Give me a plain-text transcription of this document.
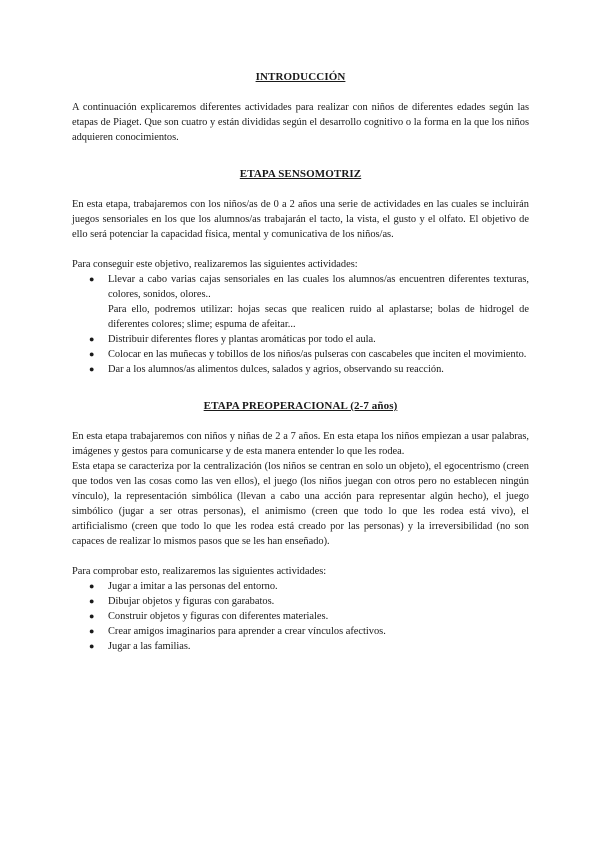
INTRODUCCIÓN

A continuación explicaremos diferentes actividades para realizar con niños de diferentes edades según las etapas de Piaget. Que son cuatro y están divididas según el desarrollo cognitivo o la forma en la que los niños adquieren conocimientos.

ETAPA SENSOMOTRIZ

En esta etapa, trabajaremos con los niños/as de 0 a 2 años una serie de actividades en las cuales se incluirán juegos sensoriales en los que los alumnos/as trabajarán el tacto, la vista, el gusto y el olfato. El objetivo de ello será potenciar la capacidad física, mental y comunicativa de los niños/as.

Para conseguir este objetivo, realizaremos las siguientes actividades:

● Llevar a cabo varias cajas sensoriales en las cuales los alumnos/as encuentren diferentes texturas, colores, sonidos, olores..
Para ello, podremos utilizar: hojas secas que realicen ruido al aplastarse; bolas de hidrogel de diferentes colores; slime; espuma de afeitar...
● Distribuir diferentes flores y plantas aromáticas por todo el aula.
● Colocar en las muñecas y tobillos de los niños/as pulseras con cascabeles que inciten el movimiento.
● Dar a los alumnos/as alimentos dulces, salados y agrios, observando su reacción.
ETAPA PREOPERACIONAL (2-7 años)

En esta etapa trabajaremos con niños y niñas de 2 a 7 años. En esta etapa los niños empiezan a usar palabras, imágenes y gestos para comunicarse y de esta manera entender lo que les rodea.

Esta etapa se caracteriza por la centralización (los niños se centran en solo un objeto), el egocentrismo (creen que todos ven las cosas como las ven ellos), el juego (los niños juegan con otros pero no establecen ningún vínculo), la representación simbólica (llevan a cabo una acción para representar algún hecho), el juego simbólico (jugar a ser otras personas), el animismo (creen que todo lo que les rodea está vivo), el artificialismo (creen que todo lo que les rodea está creado por las personas) y la irreversibilidad (no son capaces de realizar lo mismos pasos que se les han enseñado).

Para comprobar esto, realizaremos las siguientes actividades:

● Jugar a imitar a las personas del entorno.
● Dibujar objetos y figuras con garabatos.
● Construir objetos y figuras con diferentes materiales.
● Crear amigos imaginarios para aprender a crear vínculos afectivos.
● Jugar a las familias.
